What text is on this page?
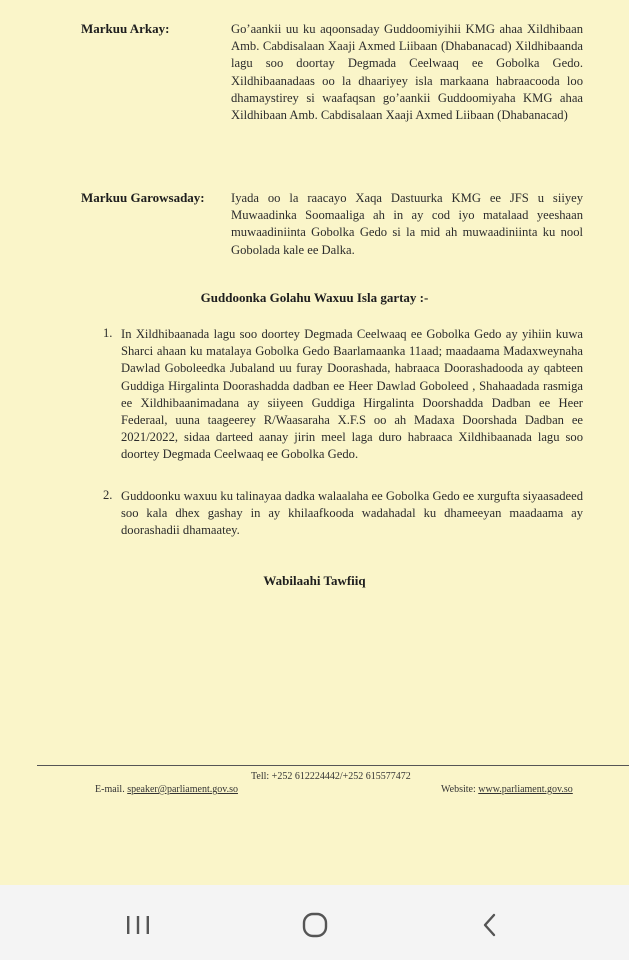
Markuu Arkay:	Go’aankii uu ku aqoonsaday Guddoomiyihii KMG ahaa Xildhibaan Amb. Cabdisalaan Xaaji Axmed Liibaan (Dhabanacad) Xildhibaanda lagu soo doortay Degmada Ceelwaaq ee Gobolka Gedo. Xildhibaanadaas oo la dhaariyey isla markaana habraacooda loo dhamaystirey si waafaqsan go’aankii Guddoomiyaha KMG ahaa Xildhibaan Amb. Cabdisalaan Xaaji Axmed Liibaan (Dhabanacad)
Markuu Garowsaday: Iyada oo la raacayo Xaqa Dastuurka KMG ee JFS u siiyey Muwaadinka Soomaaliga ah in ay cod iyo matalaad yeeshaan muwaadiniinta Gobolka Gedo si la mid ah muwaadiniinta ku nool Gobolada kale ee Dalka.
Guddoonka Golahu Waxuu Isla gartay :-
1. In Xildhibaanada lagu soo doortey Degmada Ceelwaaq ee Gobolka Gedo ay yihiin kuwa Sharci ahaan ku matalaya Gobolka Gedo Baarlamaanka 11aad; maadaama Madaxweynaha Dawlad Goboleedka Jubaland uu furay Doorashada, habraaca Doorashadooda ay qabteen Guddiga Hirgalinta Doorashadda dadban ee Heer Dawlad Goboleed , Shahaadada rasmiga ee Xildhibaanimadana ay siiyeen Guddiga Hirgalinta Doorshadda Dadban ee Heer Federaal, uuna taageerey R/Waasaraha X.F.S oo ah Madaxa Doorshada Dadban ee 2021/2022, sidaa darteed aanay jirin meel laga duro habraaca Xildhibaanada lagu soo doortey Degmada Ceelwaaq ee Gobolka Gedo.
2. Guddoonku waxuu ku talinayaa dadka walaalaha ee Gobolka Gedo ee xurgufta siyaasadeed soo kala dhex gashay in ay khilaafkooda wadahadal ku dhameeyan maadaama ay doorashadii dhamaatey.
Wabilaahi Tawfiiq
Tell: +252 612224442/+252 615577472
E-mail. speaker@parliament.gov.so	Website: www.parliament.gov.so
